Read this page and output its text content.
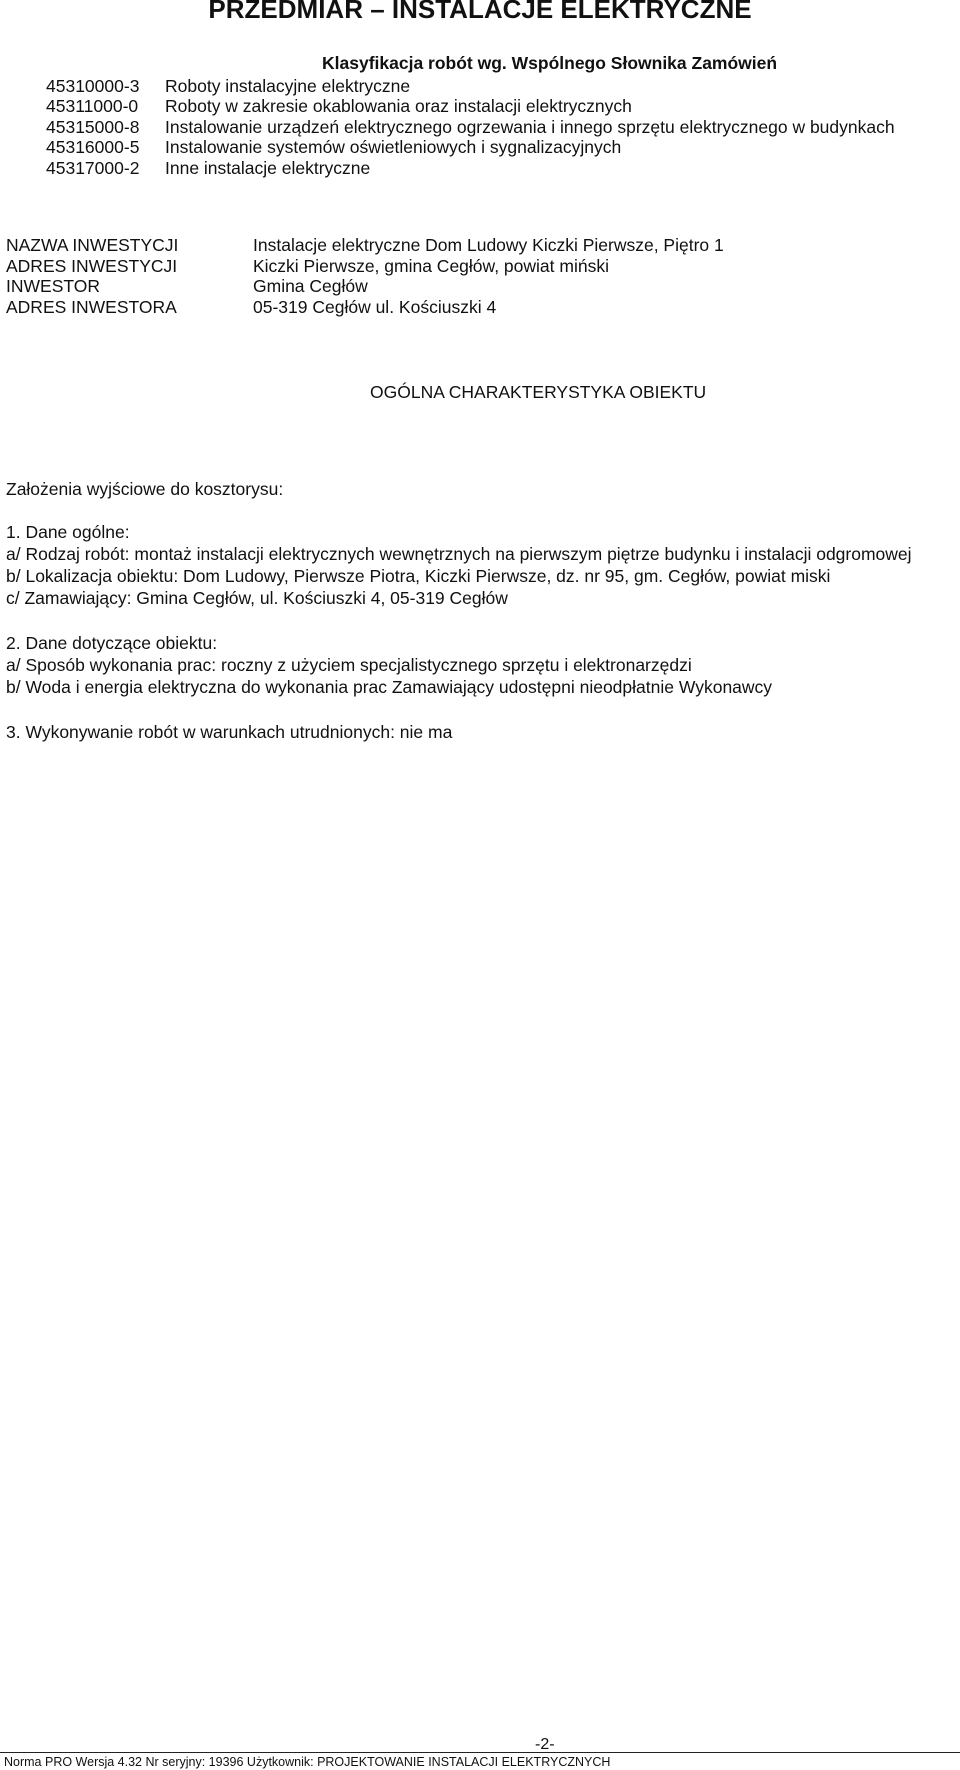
PRZEDMIAR – INSTALACJE ELEKTRYCZNE
Klasyfikacja robót wg. Wspólnego Słownika Zamówień
45310000-3 Roboty instalacyjne elektryczne
45311000-0 Roboty w zakresie okablowania oraz instalacji elektrycznych
45315000-8 Instalowanie urządzeń elektrycznego ogrzewania i innego sprzętu elektrycznego w budynkach
45316000-5 Instalowanie systemów oświetleniowych i sygnalizacyjnych
45317000-2 Inne instalacje elektryczne
NAZWA INWESTYCJI	Instalacje elektryczne Dom Ludowy Kiczki Pierwsze, Piętro 1
ADRES INWESTYCJI	Kiczki Pierwsze, gmina Cegłów, powiat miński
INWESTOR	Gmina Cegłów
ADRES INWESTORA	05-319 Cegłów ul. Kościuszki 4
OGÓLNA CHARAKTERYSTYKA OBIEKTU
Założenia wyjściowe do kosztorysu:
1. Dane ogólne:
a/ Rodzaj robót: montaż instalacji elektrycznych wewnętrznych na pierwszym piętrze budynku i instalacji odgromowej
b/ Lokalizacja obiektu: Dom Ludowy, Pierwsze Piotra, Kiczki Pierwsze, dz. nr 95, gm. Cegłów, powiat miski
c/ Zamawiający: Gmina Cegłów, ul. Kościuszki 4, 05-319 Cegłów
2. Dane dotyczące obiektu:
a/ Sposób wykonania prac: roczny z użyciem specjalistycznego sprzętu i elektronarzędzi
b/ Woda i energia elektryczna do wykonania prac Zamawiający udostępni nieodpłatnie Wykonawcy
3. Wykonywanie robót w warunkach utrudnionych: nie ma
-2-
Norma PRO Wersja 4.32 Nr seryjny: 19396 Użytkownik: PROJEKTOWANIE INSTALACJI ELEKTRYCZNYCH
